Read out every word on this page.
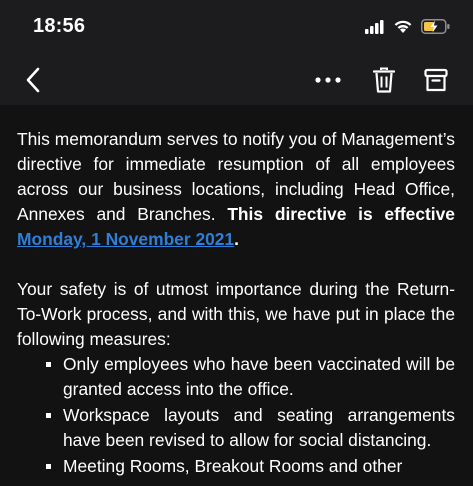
18:56

This memorandum serves to notify you of Management’s directive for immediate resumption of all employees across our business locations, including Head Office, Annexes and Branches. This directive is effective Monday, 1 November 2021.

Your safety is of utmost importance during the Return-To-Work process, and with this, we have put in place the following measures:

Only employees who have been vaccinated will be granted access into the office.
Workspace layouts and seating arrangements have been revised to allow for social distancing.
Meeting Rooms, Breakout Rooms and other
